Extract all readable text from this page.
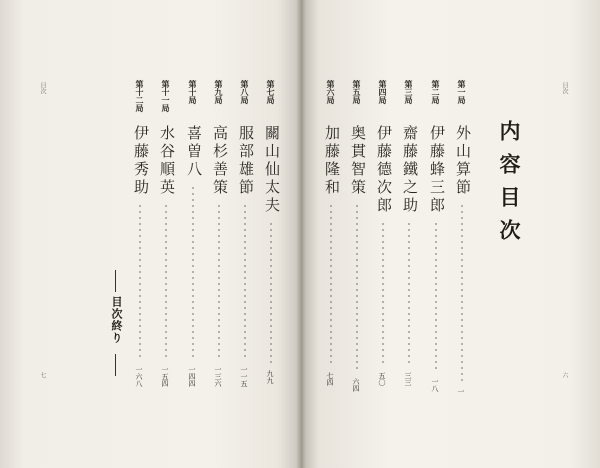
目次	目次
七	六
内容目次
第一局
外山算節
一
第二局
伊藤蜂三郎
一八
第三局
齋藤鐵之助
三三
第四局
伊藤德次郎
五〇
第五局
奥貫智策
六四
第六局
加藤隆和
七四
第七局
關山仙太夫
九九
第八局
服部雄節
一一五
第九局
高杉善策
一三六
第十局
喜曽八
一四四
第十一局
水谷順英
一五四
第十二局
伊藤秀助
一六八
目次終り
